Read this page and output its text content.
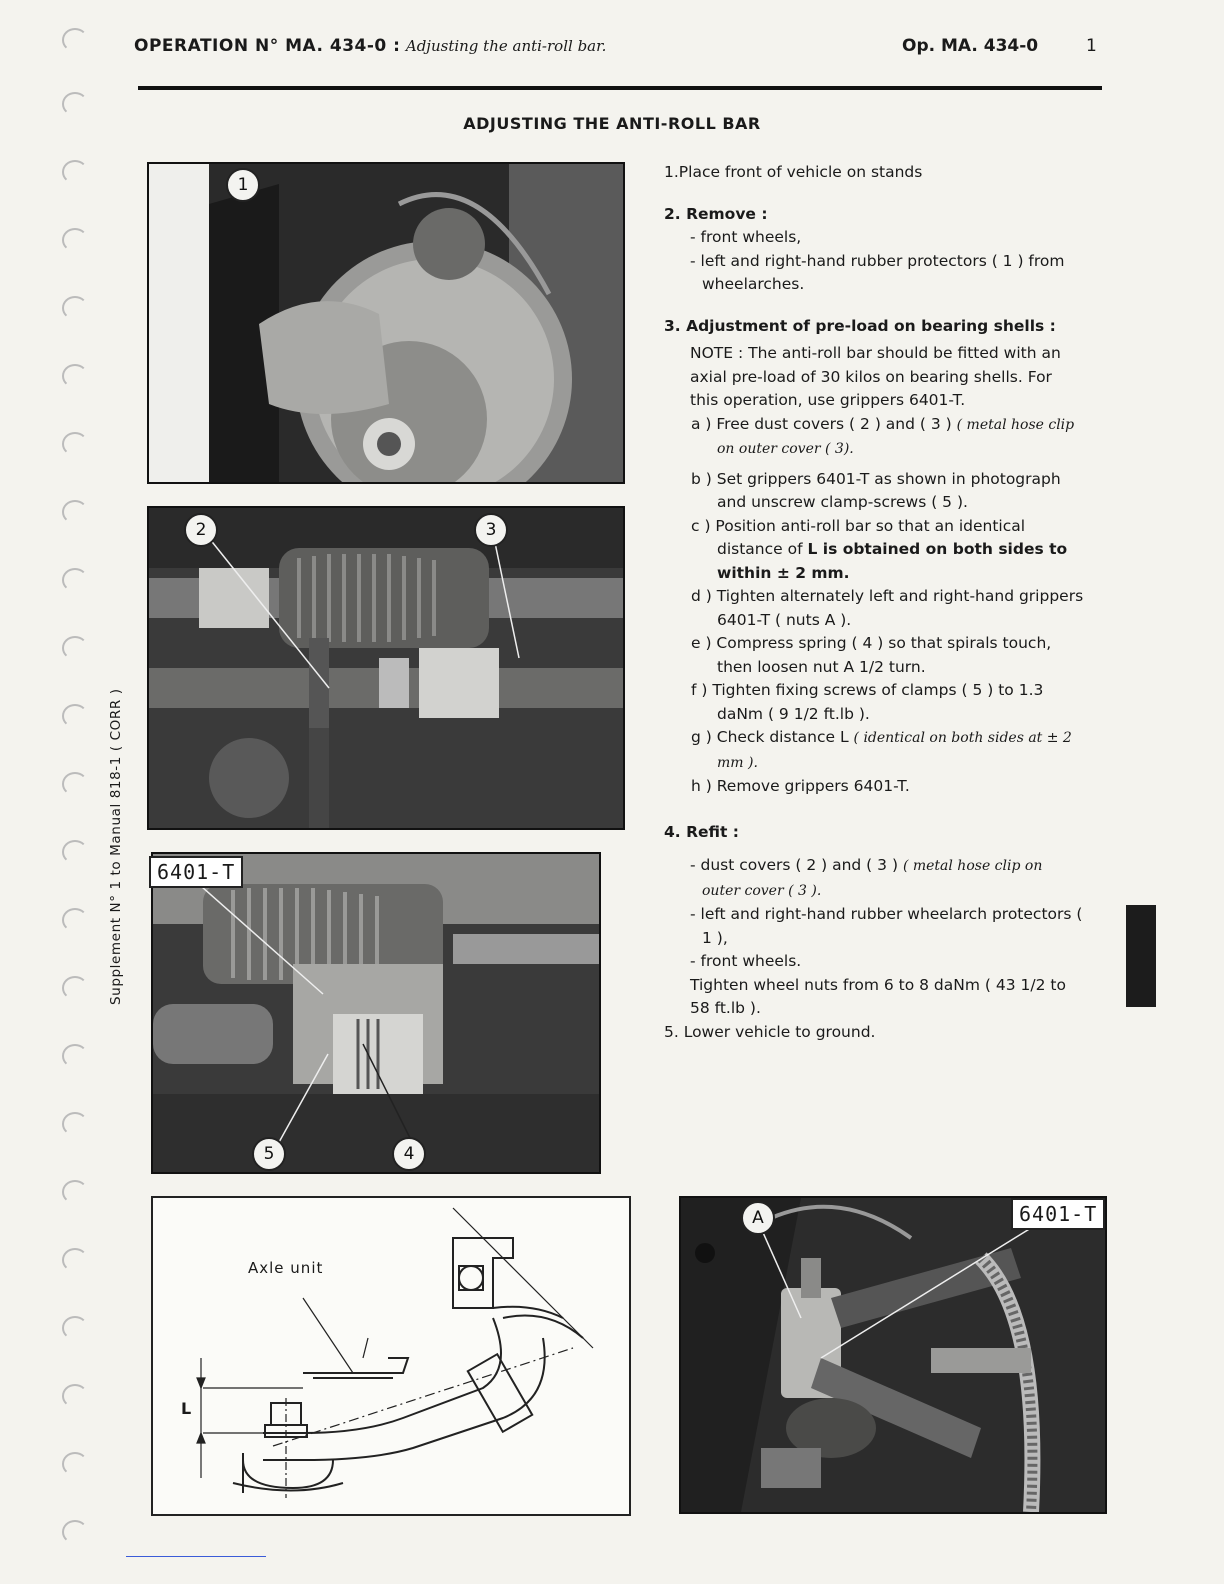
OPERATION N° MA. 434-0 : Adjusting the anti-roll bar.	Op. MA. 434-0	1
ADJUSTING THE ANTI-ROLL BAR
Supplement N° 1 to Manual 818-1 ( CORR )
1
2	3
6401-T
5	4
Axle unit
L
A	6401-T

1.Place front of vehicle on stands

2. Remove :

- front wheels,

- left and right-hand rubber protectors ( 1 ) from wheelarches.

3. Adjustment of pre-load on bearing shells :

NOTE : The anti-roll bar should be fitted with an axial pre-load of 30 kilos on bearing shells. For this operation, use grippers 6401-T.

a ) Free dust covers ( 2 ) and ( 3 ) ( metal hose clip on outer cover ( 3).

b ) Set grippers 6401-T as shown in photograph and unscrew clamp-screws ( 5 ).

c ) Position anti-roll bar so that an identical distance of L is obtained on both sides to within ± 2 mm.

d ) Tighten alternately left and right-hand grippers 6401-T ( nuts A ).

e ) Compress spring ( 4 ) so that spirals touch, then loosen nut A 1/2 turn.

f ) Tighten fixing screws of clamps ( 5 ) to 1.3 daNm ( 9 1/2 ft.lb ).

g ) Check distance L ( identical on both sides at ± 2 mm ).

h ) Remove grippers 6401-T.

4. Refit :

- dust covers ( 2 ) and ( 3 ) ( metal hose clip on outer cover ( 3 ).

- left and right-hand rubber wheelarch protectors ( 1 ),

- front wheels.

Tighten wheel nuts from 6 to 8 daNm ( 43 1/2 to 58 ft.lb ).

5. Lower vehicle to ground.
